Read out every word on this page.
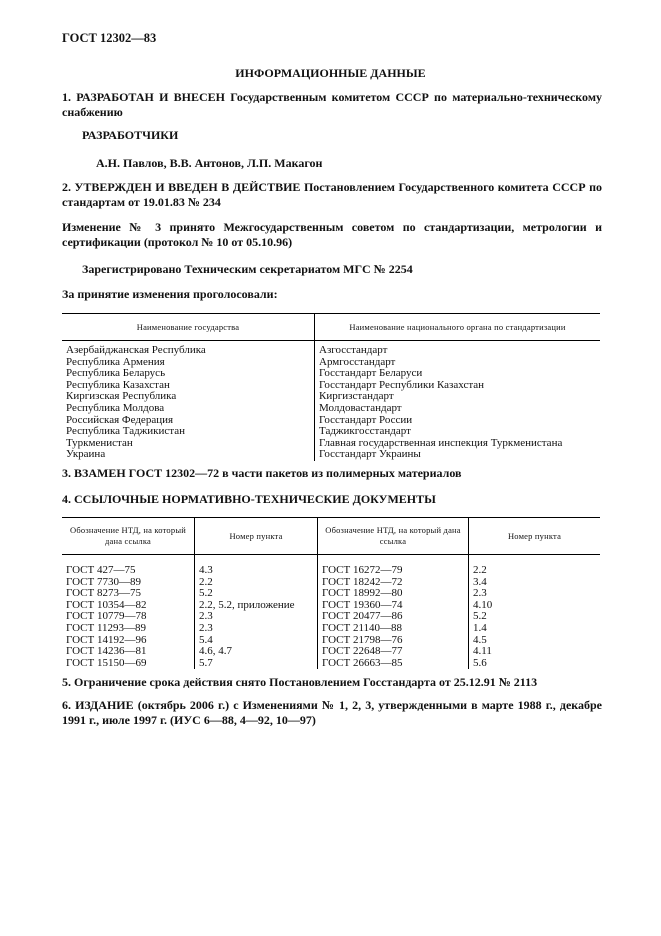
ГОСТ 12302—83
ИНФОРМАЦИОННЫЕ ДАННЫЕ
1. РАЗРАБОТАН И ВНЕСЕН Государственным комитетом СССР по материально-техническому снабжению
РАЗРАБОТЧИКИ
А.Н. Павлов, В.В. Антонов, Л.П. Макагон
2. УТВЕРЖДЕН И ВВЕДЕН В ДЕЙСТВИЕ Постановлением Государственного комитета СССР по стандартам от 19.01.83 № 234
Изменение № 3 принято Межгосударственным советом по стандартизации, метрологии и сертификации (протокол № 10 от 05.10.96)
Зарегистрировано Техническим секретариатом МГС № 2254
За принятие изменения проголосовали:
Наименование государства	Наименование национального органа по стандартизации
Азербайджанская Республика	Азгосстандарт
Республика Армения	Армгосстандарт
Республика Беларусь	Госстандарт Беларуси
Республика Казахстан	Госстандарт Республики Казахстан
Киргизская Республика	Киргизстандарт
Республика Молдова	Молдовастандарт
Российская Федерация	Госстандарт России
Республика Таджикистан	Таджикгосстандарт
Туркменистан	Главная государственная инспекция Туркменистана
Украина	Госстандарт Украины
3. ВЗАМЕН ГОСТ 12302—72 в части пакетов из полимерных материалов
4. ССЫЛОЧНЫЕ НОРМАТИВНО-ТЕХНИЧЕСКИЕ ДОКУМЕНТЫ
Обозначение НТД, на который дана ссылка	Номер пункта	Обозначение НТД, на который дана ссылка	Номер пункта
ГОСТ 427—75	4.3	ГОСТ 16272—79	2.2
ГОСТ 7730—89	2.2	ГОСТ 18242—72	3.4
ГОСТ 8273—75	5.2	ГОСТ 18992—80	2.3
ГОСТ 10354—82	2.2, 5.2, приложение	ГОСТ 19360—74	4.10
ГОСТ 10779—78	2.3	ГОСТ 20477—86	5.2
ГОСТ 11293—89	2.3	ГОСТ 21140—88	1.4
ГОСТ 14192—96	5.4	ГОСТ 21798—76	4.5
ГОСТ 14236—81	4.6, 4.7	ГОСТ 22648—77	4.11
ГОСТ 15150—69	5.7	ГОСТ 26663—85	5.6
5. Ограничение срока действия снято Постановлением Госстандарта от 25.12.91 № 2113
6. ИЗДАНИЕ (октябрь 2006 г.) с Изменениями № 1, 2, 3, утвержденными в марте 1988 г., декабре 1991 г., июле 1997 г. (ИУС 6—88, 4—92, 10—97)
